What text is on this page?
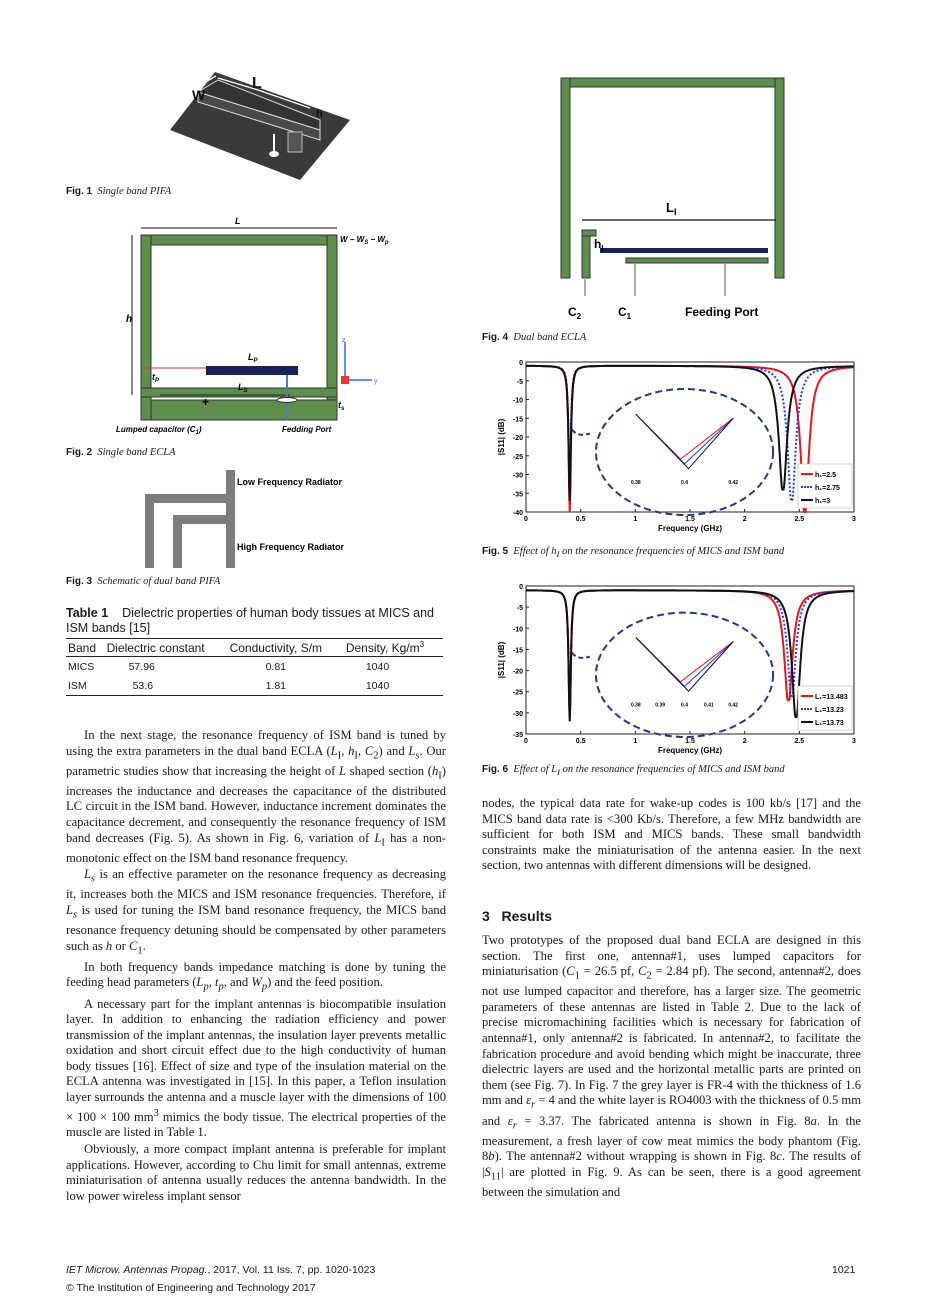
L
W
h
Fig. 1 Single band PIFA
L
h
$W - W_S - W_p$
$L_P$
$t_P$
$L_S$
$t_s$
z
y
Lumped capacitor $(C_1)$	Fedding Port
+
Fig. 2 Single band ECLA
Low Frequency Radiator
High Frequency Radiator
Fig. 3 Schematic of dual band PIFA
Table 1 Dielectric properties of human body tissues at MICS and ISM bands [15]
Band	Dielectric constant	Conductivity, S/m	Density, $Kg/m^3$
MICS	57.96	0.81	1040
ISM	53.6	1.81	1040

In the next stage, the resonance frequency of ISM band is tuned by using the extra parameters in the dual band ECLA ($L_I$, $h_I$, $C_2$) and $L_s$. Our parametric studies show that increasing the height of L shaped section $(h_I)$ increases the inductance and decreases the capacitance of the distributed LC circuit in the ISM band. However, inductance increment dominates the capacitance decrement, and consequently the resonance frequency of ISM band decreases (Fig. 5). As shown in Fig. 6, variation of $L_I$ has a non-monotonic effect on the ISM band resonance frequency.

$L_s$ is an effective parameter on the resonance frequency as decreasing it, increases both the MICS and ISM resonance frequencies. Therefore, if $L_s$ is used for tuning the ISM band resonance frequency, the MICS band resonance frequency detuning should be compensated by other parameters such as h or $C_1$.

In both frequency bands impedance matching is done by tuning the feeding head parameters ($L_p$, $t_p$, and $W_p$) and the feed position.

A necessary part for the implant antennas is biocompatible insulation layer. In addition to enhancing the radiation efficiency and power transmission of the implant antennas, the insulation layer prevents metallic oxidation and short circuit effect due to the high conductivity of human body tissues [16]. Effect of size and type of the insulation material on the ECLA antenna was investigated in [15]. In this paper, a Teflon insulation layer surrounds the antenna and a muscle layer with the dimensions of 100 × 100 × 100 $mm^3$ mimics the body tissue. The electrical properties of the muscle are listed in Table 1.

Obviously, a more compact implant antenna is preferable for implant applications. However, according to Chu limit for small antennas, extreme miniaturisation of antenna usually reduces the antenna bandwidth. In the low power wireless implant sensor

$L_I$
$h_I$
$C_2$	$C_1$	Feeding Port
Fig. 4 Dual band ECLA
0
-5
-10
-15
-20
-25
-30
-35
-40
0	0.5	1	1.5	2	2.5	3
Frequency (GHz)
|S11| (dB)
0.38	0.4	0.42
h₁=2.5
h₁=2.75
h₁=3
Fig. 5 Effect of $h_I$ on the resonance frequencies of MICS and ISM band
0
-5
-10
-15
-20
-25
-30
-35
0	0.5	1	1.5	2	2.5	3
Frequency (GHz)
|S11| (dB)
0.38	0.39	0.4	0.41	0.42
L₁=13.483
L₁=13.23
L₁=13.73
Fig. 6 Effect of $L_I$ on the resonance frequencies of MICS and ISM band

nodes, the typical data rate for wake-up codes is 100 kb/s [17] and the MICS band data rate is <300 Kb/s. Therefore, a few MHz bandwidth are sufficient for both ISM and MICS bands. These small bandwidth constraints make the miniaturisation of the antenna easier. In the next section, two antennas with different dimensions will be designed.

3 Results

Two prototypes of the proposed dual band ECLA are designed in this section. The first one, antenna#1, uses lumped capacitors for miniaturisation ($C_1 = 26.5$ pf, $C_2 = 2.84$ pf). The second, antenna#2, does not use lumped capacitor and therefore, has a larger size. The geometric parameters of these antennas are listed in Table 2. Due to the lack of precise micromachining facilities which is necessary for fabrication of antenna#1, only antenna#2 is fabricated. In antenna#2, to facilitate the fabrication procedure and avoid bending which might be inaccurate, three dielectric layers are used and the horizontal metallic parts are printed on them (see Fig. 7). In Fig. 7 the grey layer is FR-4 with the thickness of 1.6 mm and $\varepsilon_r = 4$ and the white layer is RO4003 with the thickness of 0.5 mm and $\varepsilon_r = 3.37$. The fabricated antenna is shown in Fig. 8a. In the measurement, a fresh layer of cow meat mimics the body phantom (Fig. 8b). The antenna#2 without wrapping is shown in Fig. 8c. The results of $|S_{11}|$ are plotted in Fig. 9. As can be seen, there is a good agreement between the simulation and

IET Microw. Antennas Propag., 2017, Vol. 11 Iss. 7, pp. 1020-1023
© The Institution of Engineering and Technology 2017
1021
